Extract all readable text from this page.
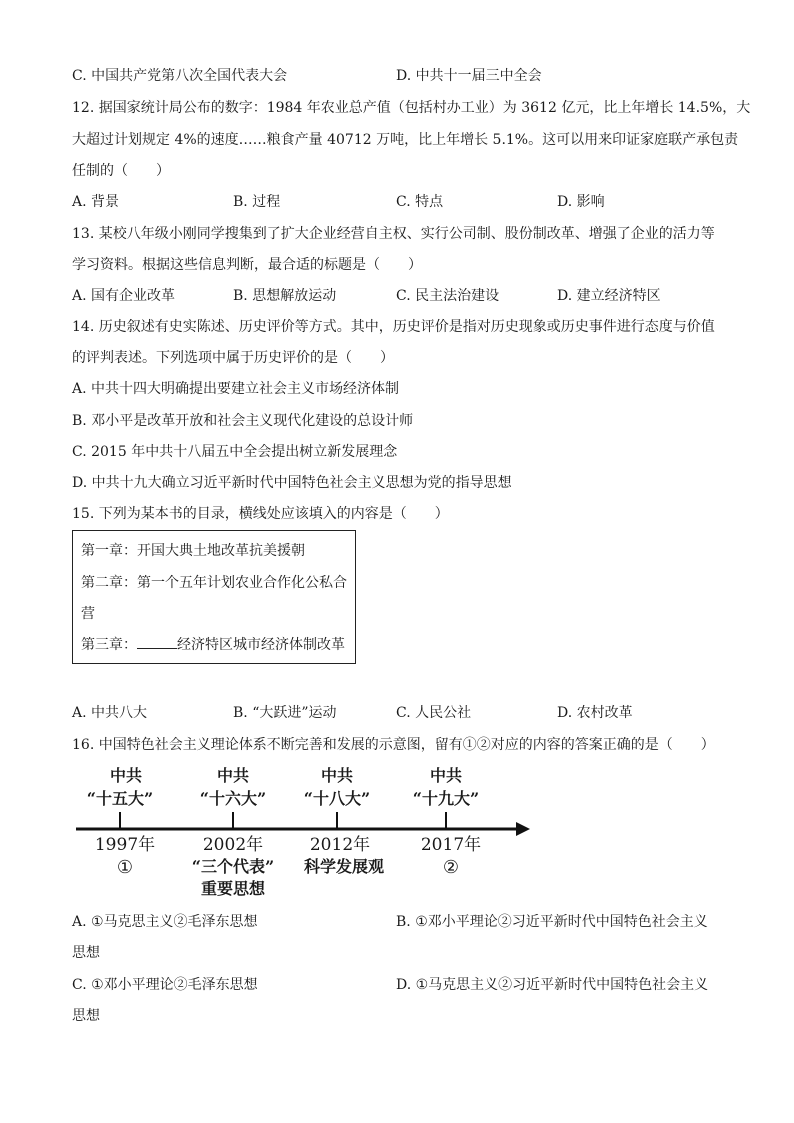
C. 中国共产党第八次全国代表大会	D. 中共十一届三中全会
12. 据国家统计局公布的数字：1984 年农业总产值（包括村办工业）为 3612 亿元，比上年增长 14.5%，大
大超过计划规定 4%的速度……粮食产量 40712 万吨，比上年增长 5.1%。这可以用来印证家庭联产承包责
任制的（　　）
A. 背景	B. 过程	C. 特点	D. 影响
13. 某校八年级小刚同学搜集到了扩大企业经营自主权、实行公司制、股份制改革、增强了企业的活力等
学习资料。根据这些信息判断，最合适的标题是（　　）
A. 国有企业改革	B. 思想解放运动	C. 民主法治建设	D. 建立经济特区
14. 历史叙述有史实陈述、历史评价等方式。其中，历史评价是指对历史现象或历史事件进行态度与价值
的评判表述。下列选项中属于历史评价的是（　　）
A. 中共十四大明确提出要建立社会主义市场经济体制
B. 邓小平是改革开放和社会主义现代化建设的总设计师
C. 2015 年中共十八届五中全会提出树立新发展理念
D. 中共十九大确立习近平新时代中国特色社会主义思想为党的指导思想
15. 下列为某本书的目录，横线处应该填入的内容是（　　）
第一章：开国大典土地改革抗美援朝
第二章：第一个五年计划农业合作化公私合
营
第三章：	经济特区城市经济体制改革
A. 中共八大	B. “大跃进”运动	C. 人民公社	D. 农村改革
16. 中国特色社会主义理论体系不断完善和发展的示意图，留有①②对应的内容的答案正确的是（　　）
中共
“十五大”
1997年
①
中共
“十六大”
2002年
“三个代表”
重要思想
中共
“十八大”
2012年
科学发展观
中共
“十九大”
2017年
②
A. ①马克思主义②毛泽东思想	B. ①邓小平理论②习近平新时代中国特色社会主义
思想
C. ①邓小平理论②毛泽东思想	D. ①马克思主义②习近平新时代中国特色社会主义
思想
